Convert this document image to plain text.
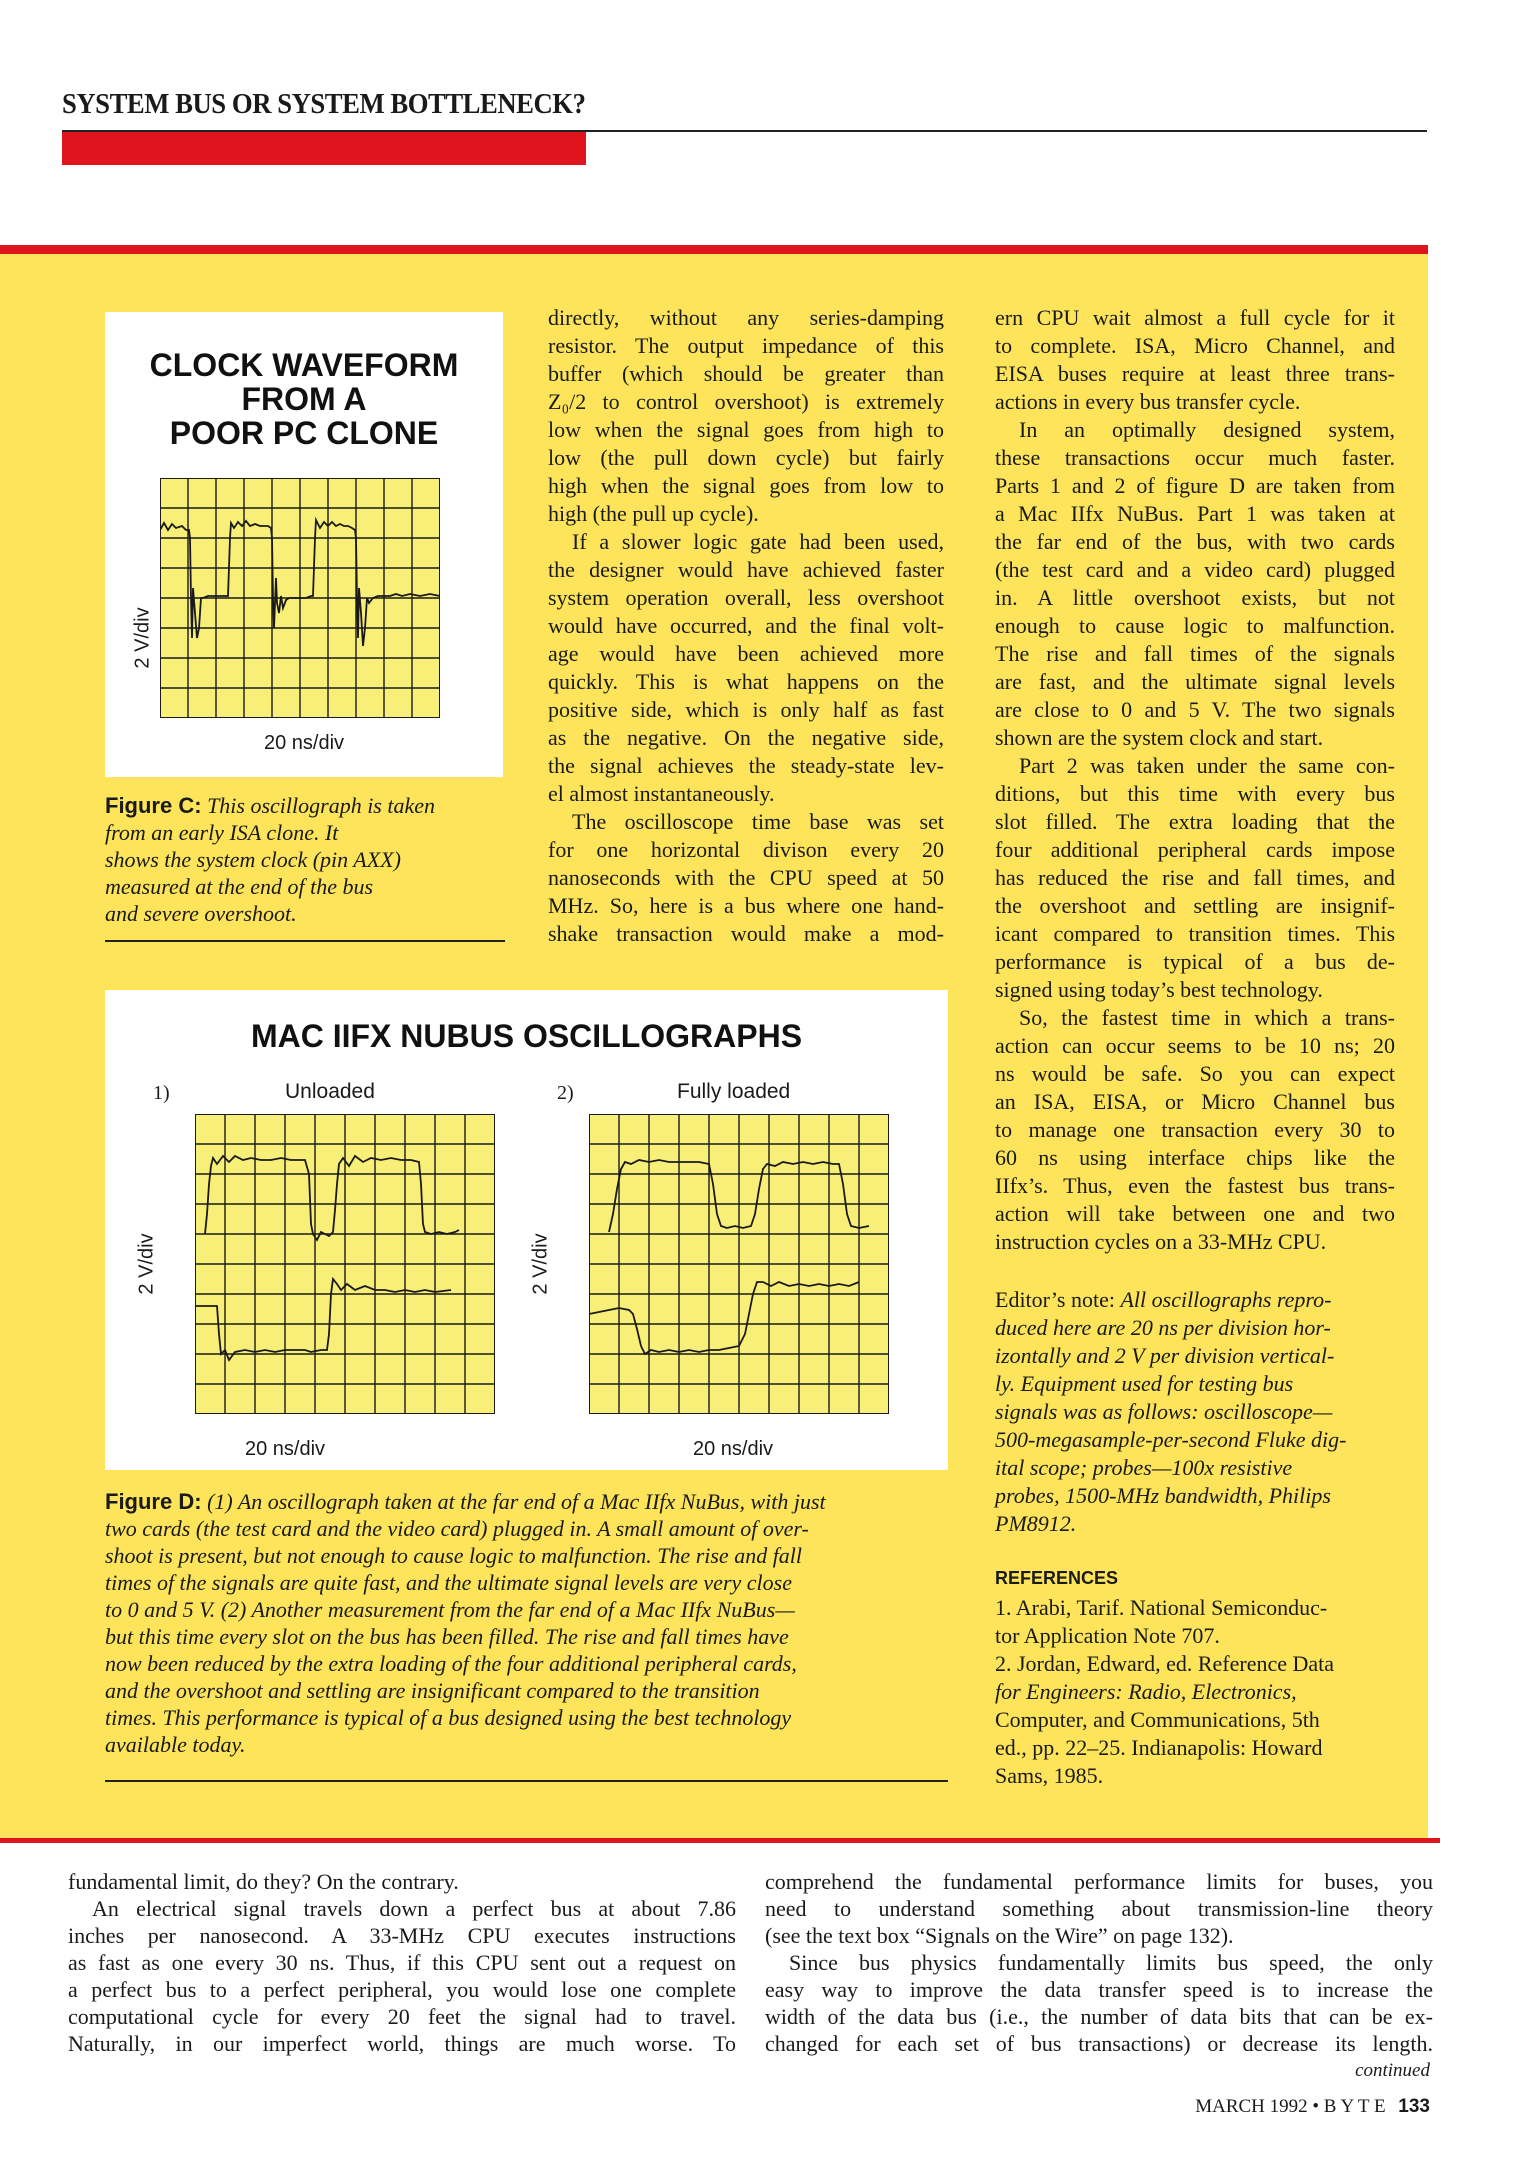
SYSTEM BUS OR SYSTEM BOTTLENECK?
CLOCK WAVEFORM
FROM A
POOR PC CLONE
2 V/div
20 ns/div
Figure C: This oscillograph is taken
from an early ISA clone. It
shows the system clock (pin AXX)
measured at the end of the bus
and severe overshoot.

directly, without any series-damping

resistor. The output impedance of this

buffer (which should be greater than

Z₀/2 to control overshoot) is extremely

low when the signal goes from high to

low (the pull down cycle) but fairly

high when the signal goes from low to

high (the pull up cycle).

If a slower logic gate had been used,

the designer would have achieved faster

system operation overall, less overshoot

would have occurred, and the final volt-

age would have been achieved more

quickly. This is what happens on the

positive side, which is only half as fast

as the negative. On the negative side,

the signal achieves the steady-state lev-

el almost instantaneously.

The oscilloscope time base was set

for one horizontal divison every 20

nanoseconds with the CPU speed at 50

MHz. So, here is a bus where one hand-

shake transaction would make a mod-

ern CPU wait almost a full cycle for it

to complete. ISA, Micro Channel, and

EISA buses require at least three trans-

actions in every bus transfer cycle.

In an optimally designed system,

these transactions occur much faster.

Parts 1 and 2 of figure D are taken from

a Mac IIfx NuBus. Part 1 was taken at

the far end of the bus, with two cards

(the test card and a video card) plugged

in. A little overshoot exists, but not

enough to cause logic to malfunction.

The rise and fall times of the signals

are fast, and the ultimate signal levels

are close to 0 and 5 V. The two signals

shown are the system clock and start.

Part 2 was taken under the same con-

ditions, but this time with every bus

slot filled. The extra loading that the

four additional peripheral cards impose

has reduced the rise and fall times, and

the overshoot and settling are insignif-

icant compared to transition times. This

performance is typical of a bus de-

signed using today’s best technology.

So, the fastest time in which a trans-

action can occur seems to be 10 ns; 20

ns would be safe. So you can expect

an ISA, EISA, or Micro Channel bus

to manage one transaction every 30 to

60 ns using interface chips like the

IIfx’s. Thus, even the fastest bus trans-

action will take between one and two

instruction cycles on a 33-MHz CPU.

Editor’s note: All oscillographs repro-

duced here are 20 ns per division hor-

izontally and 2 V per division vertical-

ly. Equipment used for testing bus

signals was as follows: oscilloscope—

500-megasample-per-second Fluke dig-

ital scope; probes—100x resistive

probes, 1500-MHz bandwidth, Philips

PM8912.

REFERENCES

1. Arabi, Tarif. National Semiconduc-

tor Application Note 707.

2. Jordan, Edward, ed. Reference Data

for Engineers: Radio, Electronics,

Computer, and Communications, 5th

ed., pp. 22–25. Indianapolis: Howard

Sams, 1985.

MAC IIFX NUBUS OSCILLOGRAPHS
1)	Unloaded	2)	Fully loaded
2 V/div
20 ns/div
2 V/div
20 ns/div
Figure D: (1) An oscillograph taken at the far end of a Mac IIfx NuBus, with just
two cards (the test card and the video card) plugged in. A small amount of over-
shoot is present, but not enough to cause logic to malfunction. The rise and fall
times of the signals are quite fast, and the ultimate signal levels are very close
to 0 and 5 V. (2) Another measurement from the far end of a Mac IIfx NuBus—
but this time every slot on the bus has been filled. The rise and fall times have
now been reduced by the extra loading of the four additional peripheral cards,
and the overshoot and settling are insignificant compared to the transition
times. This performance is typical of a bus designed using the best technology
available today.

fundamental limit, do they? On the contrary.

An electrical signal travels down a perfect bus at about 7.86

inches per nanosecond. A 33-MHz CPU executes instructions

as fast as one every 30 ns. Thus, if this CPU sent out a request on

a perfect bus to a perfect peripheral, you would lose one complete

computational cycle for every 20 feet the signal had to travel.

Naturally, in our imperfect world, things are much worse. To

comprehend the fundamental performance limits for buses, you

need to understand something about transmission-line theory

(see the text box “Signals on the Wire” on page 132).

Since bus physics fundamentally limits bus speed, the only

easy way to improve the data transfer speed is to increase the

width of the data bus (i.e., the number of data bits that can be ex-

changed for each set of bus transactions) or decrease its length.

continued
MARCH 1992 • B Y T E 133
